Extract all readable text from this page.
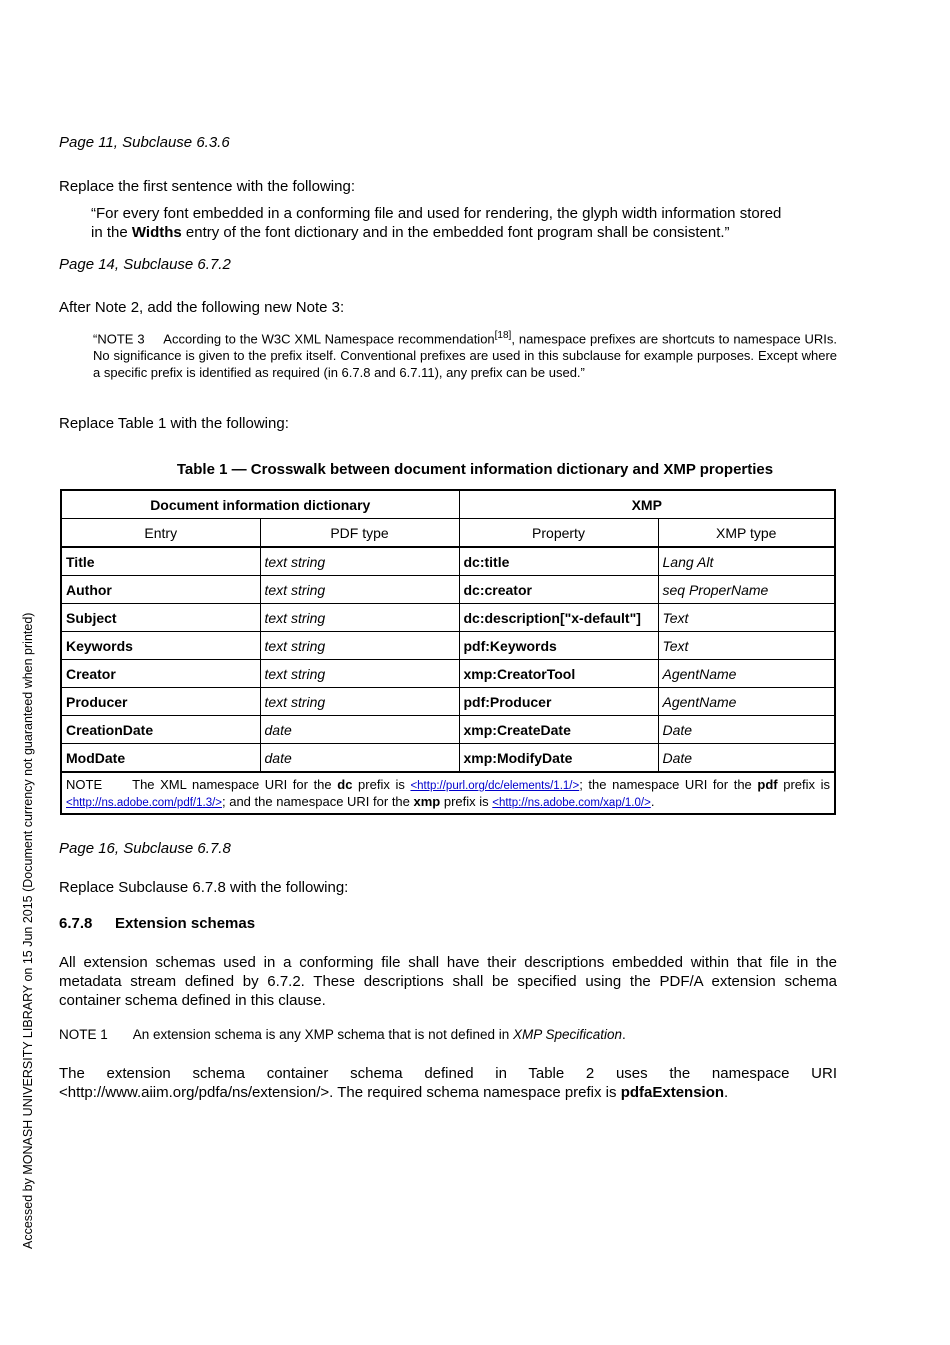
Page 11, Subclause 6.3.6
Replace the first sentence with the following:
“For every font embedded in a conforming file and used for rendering, the glyph width information stored
in the Widths entry of the font dictionary and in the embedded font program shall be consistent.”
Page 14, Subclause 6.7.2
After Note 2, add the following new Note 3:
“NOTE 3     According to the W3C XML Namespace recommendation[18], namespace prefixes are shortcuts to namespace URIs. No significance is given to the prefix itself. Conventional prefixes are used in this subclause for example purposes. Except where a specific prefix is identified as required (in 6.7.8 and 6.7.11), any prefix can be used.”
Replace Table 1 with the following:
Table 1 — Crosswalk between document information dictionary and XMP properties
Document information dictionary		XMP	
Entry	PDF type	Property	XMP type
Title	text string	dc:title	Lang Alt
Author	text string	dc:creator	seq ProperName
Subject	text string	dc:description["x-default"]	Text
Keywords	text string	pdf:Keywords	Text
Creator	text string	xmp:CreatorTool	AgentName
Producer	text string	pdf:Producer	AgentName
CreationDate	date	xmp:CreateDate	Date
ModDate	date	xmp:ModifyDate	Date
NOTE The XML namespace URI for the dc prefix is <http://purl.org/dc/elements/1.1/>; the namespace URI for the pdf prefix is <http://ns.adobe.com/pdf/1.3/>; and the namespace URI for the xmp prefix is <http://ns.adobe.com/xap/1.0/>.			
Page 16, Subclause 6.7.8
Replace Subclause 6.7.8 with the following:
6.7.8 Extension schemas
All extension schemas used in a conforming file shall have their descriptions embedded within that file in the metadata stream defined by 6.7.2. These descriptions shall be specified using the PDF/A extension schema container schema defined in this clause.
NOTE 1 An extension schema is any XMP schema that is not defined in XMP Specification.
The extension schema container schema defined in Table 2 uses the namespace URI <http://www.aiim.org/pdfa/ns/extension/>. The required schema namespace prefix is pdfaExtension.
Accessed by MONASH UNIVERSITY LIBRARY on 15 Jun 2015 (Document currency not guaranteed when printed)
